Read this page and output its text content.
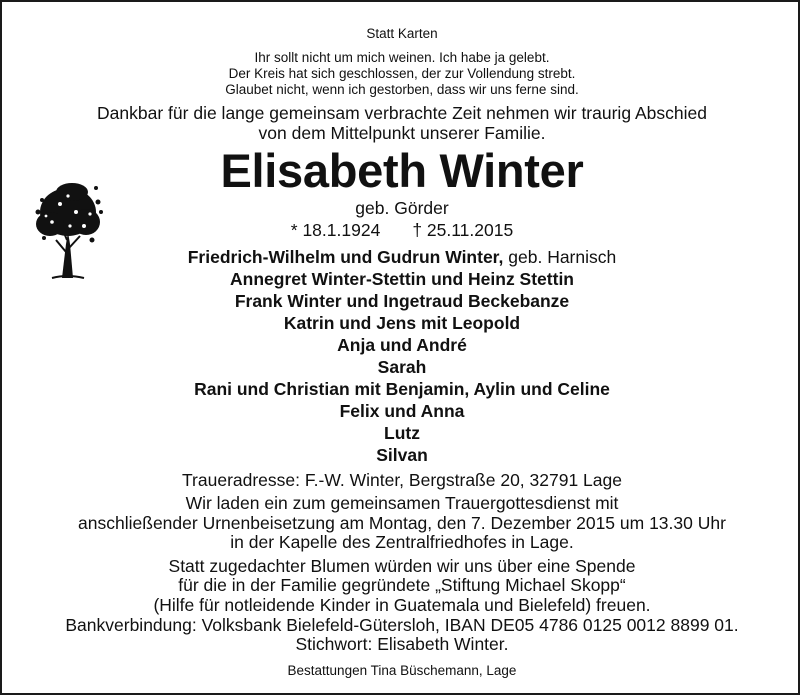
Statt Karten
Ihr sollt nicht um mich weinen. Ich habe ja gelebt.
Der Kreis hat sich geschlossen, der zur Vollendung strebt.
Glaubet nicht, wenn ich gestorben, dass wir uns ferne sind.
Dankbar für die lange gemeinsam verbrachte Zeit nehmen wir traurig Abschied
von dem Mittelpunkt unserer Familie.
Elisabeth Winter
geb. Görder
* 18.1.1924 † 25.11.2015
Friedrich-Wilhelm und Gudrun Winter, geb. Harnisch
Annegret Winter-Stettin und Heinz Stettin
Frank Winter und Ingetraud Beckebanze
Katrin und Jens mit Leopold
Anja und André
Sarah
Rani und Christian mit Benjamin, Aylin und Celine
Felix und Anna
Lutz
Silvan
Traueradresse: F.-W. Winter, Bergstraße 20, 32791 Lage
Wir laden ein zum gemeinsamen Trauergottesdienst mit
anschließender Urnenbeisetzung am Montag, den 7. Dezember 2015 um 13.30 Uhr
in der Kapelle des Zentralfriedhofes in Lage.
Statt zugedachter Blumen würden wir uns über eine Spende
für die in der Familie gegründete „Stiftung Michael Skopp“
(Hilfe für notleidende Kinder in Guatemala und Bielefeld) freuen.
Bankverbindung: Volksbank Bielefeld-Gütersloh, IBAN DE05 4786 0125 0012 8899 01.
Stichwort: Elisabeth Winter.
Bestattungen Tina Büschemann, Lage
